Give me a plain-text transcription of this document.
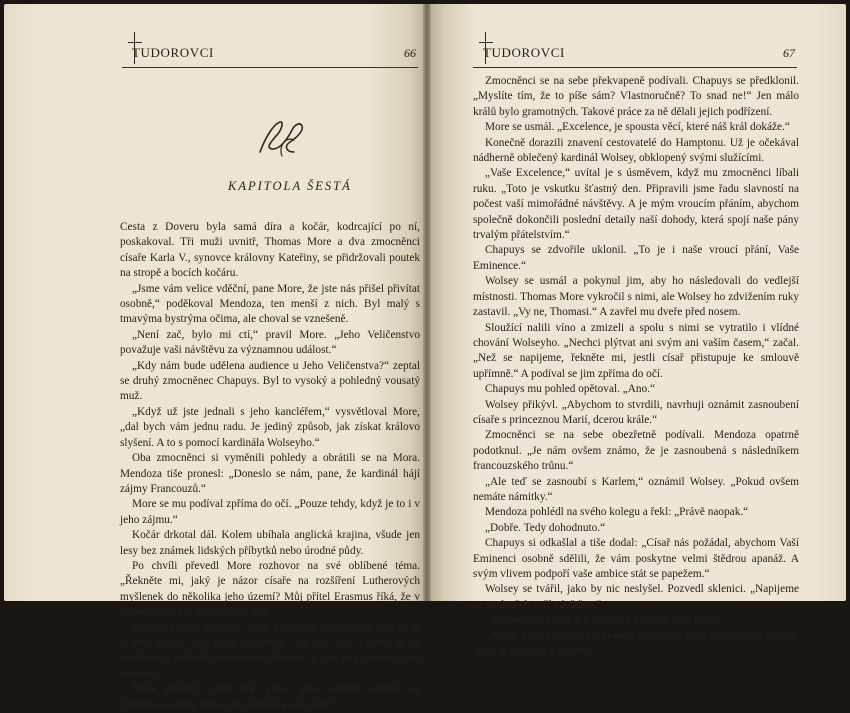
TUDOROVCI	66
KAPITOLA ŠESTÁ

Cesta z Doveru byla samá díra a kočár, kodrcající po ní, poskakoval. Tři muži uvnitř, Thomas More a dva zmocněnci císaře Karla V., synovce královny Kateřiny, se přidržovali poutek na stropě a bocích kočáru.

„Jsme vám velice vděční, pane More, že jste nás přišel přivítat osobně,“ poděkoval Mendoza, ten menší z nich. Byl malý s tmavýma bystrýma očima, ale choval se vznešeně.

„Není zač, bylo mi ctí,“ pravil More. „Jeho Veličenstvo považuje vaši návštěvu za významnou událost.“

„Kdy nám bude udělena audience u Jeho Veličenstva?“ zeptal se druhý zmocněnec Chapuys. Byl to vysoký a pohledný vousatý muž.

„Když už jste jednali s jeho kancléřem,“ vysvětloval More, „dal bych vám jednu radu. Je jediný způsob, jak získat královo slyšení. A to s pomocí kardinála Wolseyho.“

Oba zmocněnci si vyměnili pohledy a obrátili se na Mora. Mendoza tiše pronesl: „Doneslo se nám, pane, že kardinál hájí zájmy Francouzů.“

More se mu podíval zpříma do očí. „Pouze tehdy, když je to i v jeho zájmu.“

Kočár drkotal dál. Kolem ubíhala anglická krajina, všude jen lesy bez známek lidských příbytků nebo úrodné půdy.

Po chvíli převedl More rozhovor na své oblíbené téma. „Řekněte mi, jaký je názor císaře na rozšíření Lutherových myšlenek do několika jeho území? Můj přítel Erasmus říká, že v Německu se šíří jako oheň v lese.“

Mendoza rozhodil ruce. „Jeho Výsost se snaží udělat vše, co je v jeho silách, aby tomu zabránila. Ale jak víte, Luther je na návštěvě u jednoho německého knížete, a tím je z dosahu jeho kontroly.“

More přikývl. „Náš král právě píše pamflet útočící na Lutherovo učení, obhajující papeže a naši víru.“

TUDOROVCI	67

Zmocněnci se na sebe překvapeně podívali. Chapuys se předklonil. „Myslíte tím, že to píše sám? Vlastnoručně? To snad ne!“ Jen málo králů bylo gramotných. Takové práce za ně dělali jejich podřízení.

More se usmál. „Excelence, je spousta věcí, které náš král dokáže.“

Konečně dorazili znavení cestovatelé do Hamptonu. Už je očekával nádherně oblečený kardinál Wolsey, obklopený svými služícími.

„Vaše Excelence,“ uvítal je s úsměvem, když mu zmocněnci líbali ruku. „Toto je vskutku šťastný den. Připravili jsme řadu slavností na počest vaší mimořádné návštěvy. A je mým vroucím přáním, abychom společně dokončili poslední detaily naší dohody, která spojí naše pány trvalým přátelstvím.“

Chapuys se zdvořile uklonil. „To je i naše vroucí přání, Vaše Eminence.“

Wolsey se usmál a pokynul jim, aby ho následovali do vedlejší místnosti. Thomas More vykročil s nimi, ale Wolsey ho zdvižením ruky zastavil. „Vy ne, Thomasi.“ A zavřel mu dveře před nosem.

Sloužící nalili víno a zmizeli a spolu s nimi se vytratilo i vlídné chování Wolseyho. „Nechci plýtvat ani svým ani vaším časem,“ začal. „Než se napijeme, řekněte mi, jestli císař přistupuje ke smlouvě upřímně.“ A podíval se jim zpříma do očí.

Chapuys mu pohled opětoval. „Ano.“

Wolsey přikývl. „Abychom to stvrdili, navrhuji oznámit zasnoubení císaře s princeznou Marií, dcerou krále.“

Zmocněnci se na sebe obezřetně podívali. Mendoza opatrně podotknul. „Je nám ovšem známo, že je zasnoubená s následníkem francouzského trůnu.“

„Ale teď se zasnoubí s Karlem,“ oznámil Wolsey. „Pokud ovšem nemáte námitky.“

Mendoza pohlédl na svého kolegu a řekl: „Právě naopak.“

„Dobře. Tedy dohodnuto.“

Chapuys si odkašlal a tiše dodal: „Císař nás požádal, abychom Vaší Eminenci osobně sdělili, že vám poskytne velmi štědrou apanáž. A svým vlivem podpoří vaše ambice stát se papežem.“

Wolsey se tvářil, jako by nic neslyšel. Pozvedl sklenici. „Napijeme se na úspěch vaší návštěvy.“

„Rozhodně,“ přitakal Chapuys a pozvedl svůj pohár.

„A teď, Vaše Eminence,“ pronesl Mendoza, když si připili na úspěch, „kdy se setkáme s králem?“
